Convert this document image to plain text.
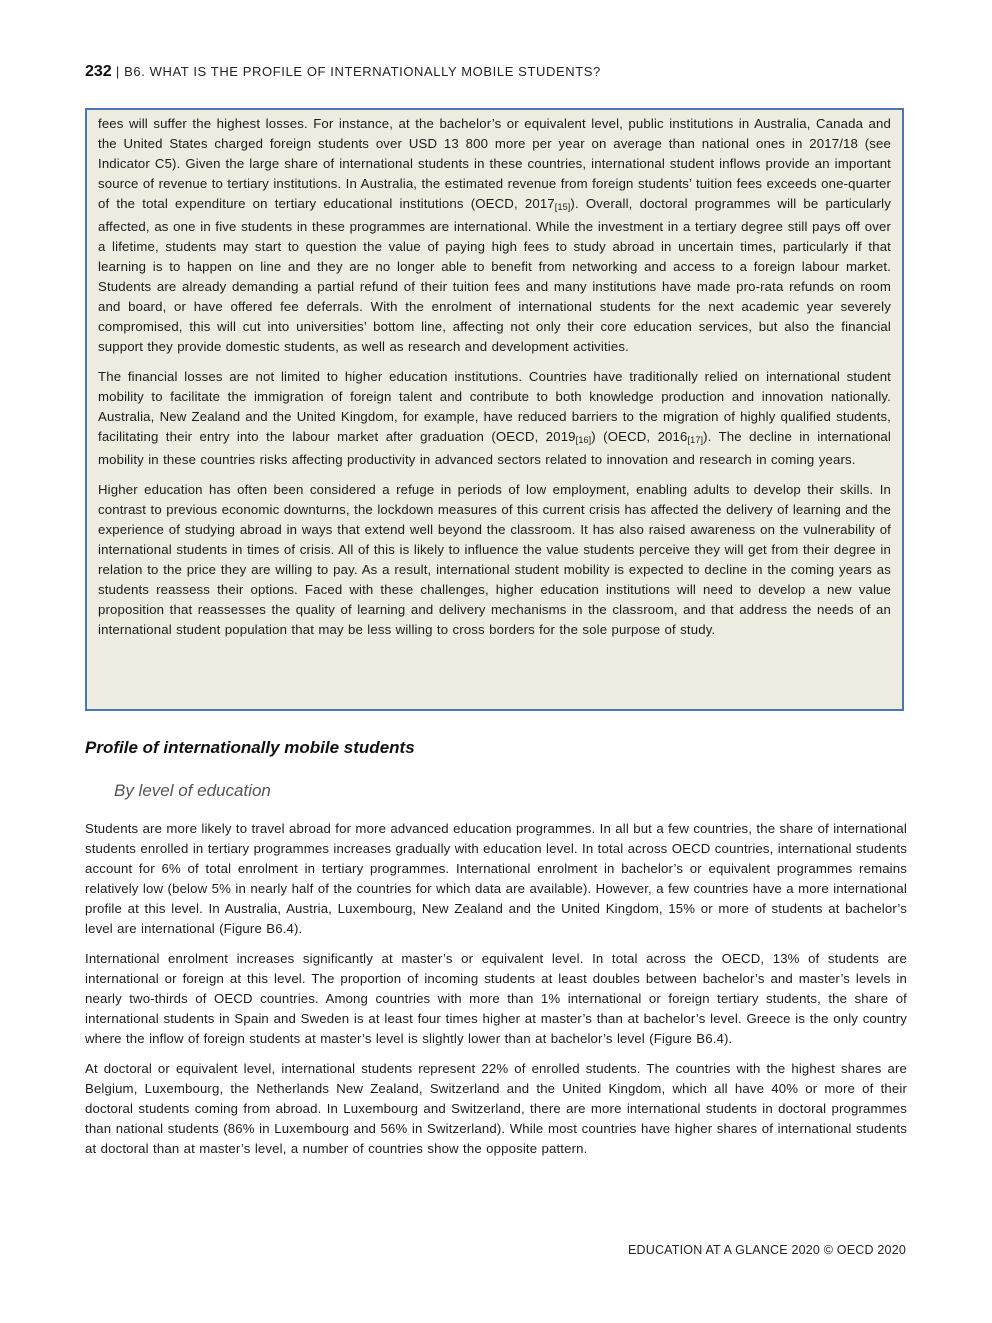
232 | B6. WHAT IS THE PROFILE OF INTERNATIONALLY MOBILE STUDENTS?

fees will suffer the highest losses. For instance, at the bachelor’s or equivalent level, public institutions in Australia, Canada and the United States charged foreign students over USD 13 800 more per year on average than national ones in 2017/18 (see Indicator C5). Given the large share of international students in these countries, international student inflows provide an important source of revenue to tertiary institutions. In Australia, the estimated revenue from foreign students’ tuition fees exceeds one-quarter of the total expenditure on tertiary educational institutions (OECD, $2017_{[15]}$). Overall, doctoral programmes will be particularly affected, as one in five students in these programmes are international. While the investment in a tertiary degree still pays off over a lifetime, students may start to question the value of paying high fees to study abroad in uncertain times, particularly if that learning is to happen on line and they are no longer able to benefit from networking and access to a foreign labour market. Students are already demanding a partial refund of their tuition fees and many institutions have made pro-rata refunds on room and board, or have offered fee deferrals. With the enrolment of international students for the next academic year severely compromised, this will cut into universities’ bottom line, affecting not only their core education services, but also the financial support they provide domestic students, as well as research and development activities.

The financial losses are not limited to higher education institutions. Countries have traditionally relied on international student mobility to facilitate the immigration of foreign talent and contribute to both knowledge production and innovation nationally. Australia, New Zealand and the United Kingdom, for example, have reduced barriers to the migration of highly qualified students, facilitating their entry into the labour market after graduation (OECD, $2019_{[16]}$) (OECD, $2016_{[17]}$). The decline in international mobility in these countries risks affecting productivity in advanced sectors related to innovation and research in coming years.

Higher education has often been considered a refuge in periods of low employment, enabling adults to develop their skills. In contrast to previous economic downturns, the lockdown measures of this current crisis has affected the delivery of learning and the experience of studying abroad in ways that extend well beyond the classroom. It has also raised awareness on the vulnerability of international students in times of crisis. All of this is likely to influence the value students perceive they will get from their degree in relation to the price they are willing to pay. As a result, international student mobility is expected to decline in the coming years as students reassess their options. Faced with these challenges, higher education institutions will need to develop a new value proposition that reassesses the quality of learning and delivery mechanisms in the classroom, and that address the needs of an international student population that may be less willing to cross borders for the sole purpose of study.

Profile of internationally mobile students
By level of education

Students are more likely to travel abroad for more advanced education programmes. In all but a few countries, the share of international students enrolled in tertiary programmes increases gradually with education level. In total across OECD countries, international students account for 6% of total enrolment in tertiary programmes. International enrolment in bachelor’s or equivalent programmes remains relatively low (below 5% in nearly half of the countries for which data are available). However, a few countries have a more international profile at this level. In Australia, Austria, Luxembourg, New Zealand and the United Kingdom, 15% or more of students at bachelor’s level are international (Figure B6.4).

International enrolment increases significantly at master’s or equivalent level. In total across the OECD, 13% of students are international or foreign at this level. The proportion of incoming students at least doubles between bachelor’s and master’s levels in nearly two-thirds of OECD countries. Among countries with more than 1% international or foreign tertiary students, the share of international students in Spain and Sweden is at least four times higher at master’s than at bachelor’s level. Greece is the only country where the inflow of foreign students at master’s level is slightly lower than at bachelor’s level (Figure B6.4).

At doctoral or equivalent level, international students represent 22% of enrolled students. The countries with the highest shares are Belgium, Luxembourg, the Netherlands New Zealand, Switzerland and the United Kingdom, which all have 40% or more of their doctoral students coming from abroad. In Luxembourg and Switzerland, there are more international students in doctoral programmes than national students (86% in Luxembourg and 56% in Switzerland). While most countries have higher shares of international students at doctoral than at master’s level, a number of countries show the opposite pattern.

EDUCATION AT A GLANCE 2020 © OECD 2020
